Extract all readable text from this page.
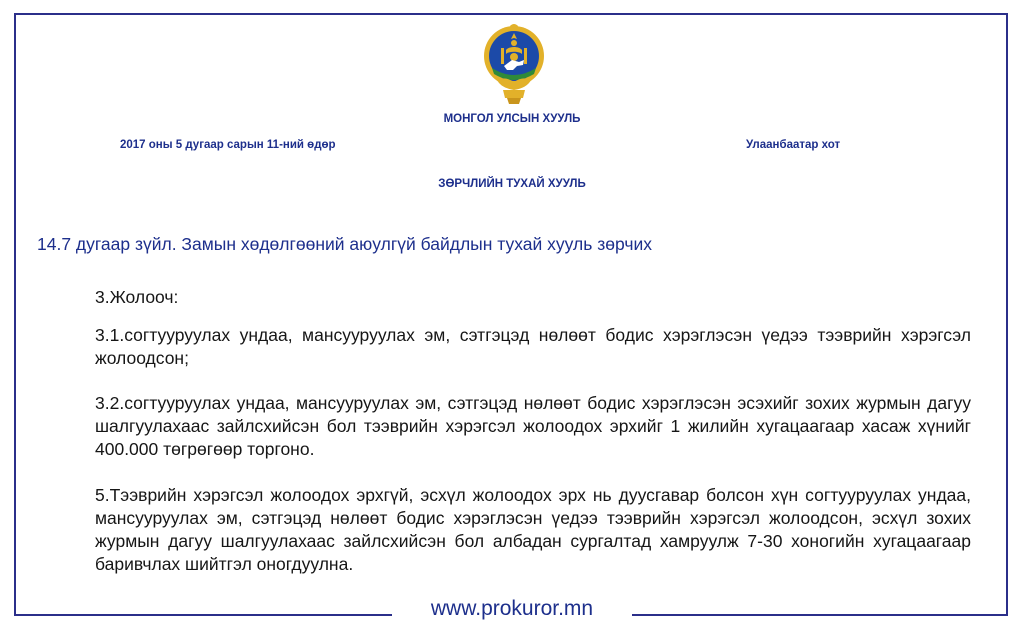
МОНГОЛ УЛСЫН ХУУЛЬ
2017 оны 5 дугаар сарын 11-ний өдөр	Улаанбаатар хот
ЗӨРЧЛИЙН ТУХАЙ ХУУЛЬ
14.7 дугаар зүйл. Замын хөдөлгөөний аюулгүй байдлын тухай хууль зөрчих
3.Жолооч:
3.1.согтууруулах ундаа, мансууруулах эм, сэтгэцэд нөлөөт бодис хэрэглэсэн үедээ тээврийн хэрэгсэл жолоодсон;
3.2.согтууруулах ундаа, мансууруулах эм, сэтгэцэд нөлөөт бодис хэрэглэсэн эсэхийг зохих журмын дагуу шалгуулахаас зайлсхийсэн бол тээврийн хэрэгсэл жолоодох эрхийг 1 жилийн хугацаагаар хасаж хүнийг 400.000 төгрөгөөр торгоно.
5.Тээврийн хэрэгсэл жолоодох эрхгүй, эсхүл жолоодох эрх нь дуусгавар болсон хүн согтууруулах ундаа, мансууруулах эм, сэтгэцэд нөлөөт бодис хэрэглэсэн үедээ тээврийн хэрэгсэл жолоодсон, эсхүл зохих журмын дагуу шалгуулахаас зайлсхийсэн бол албадан сургалтад хамруулж 7-30 хоногийн хугацаагаар баривчлах шийтгэл оногдуулна.
www.prokuror.mn
